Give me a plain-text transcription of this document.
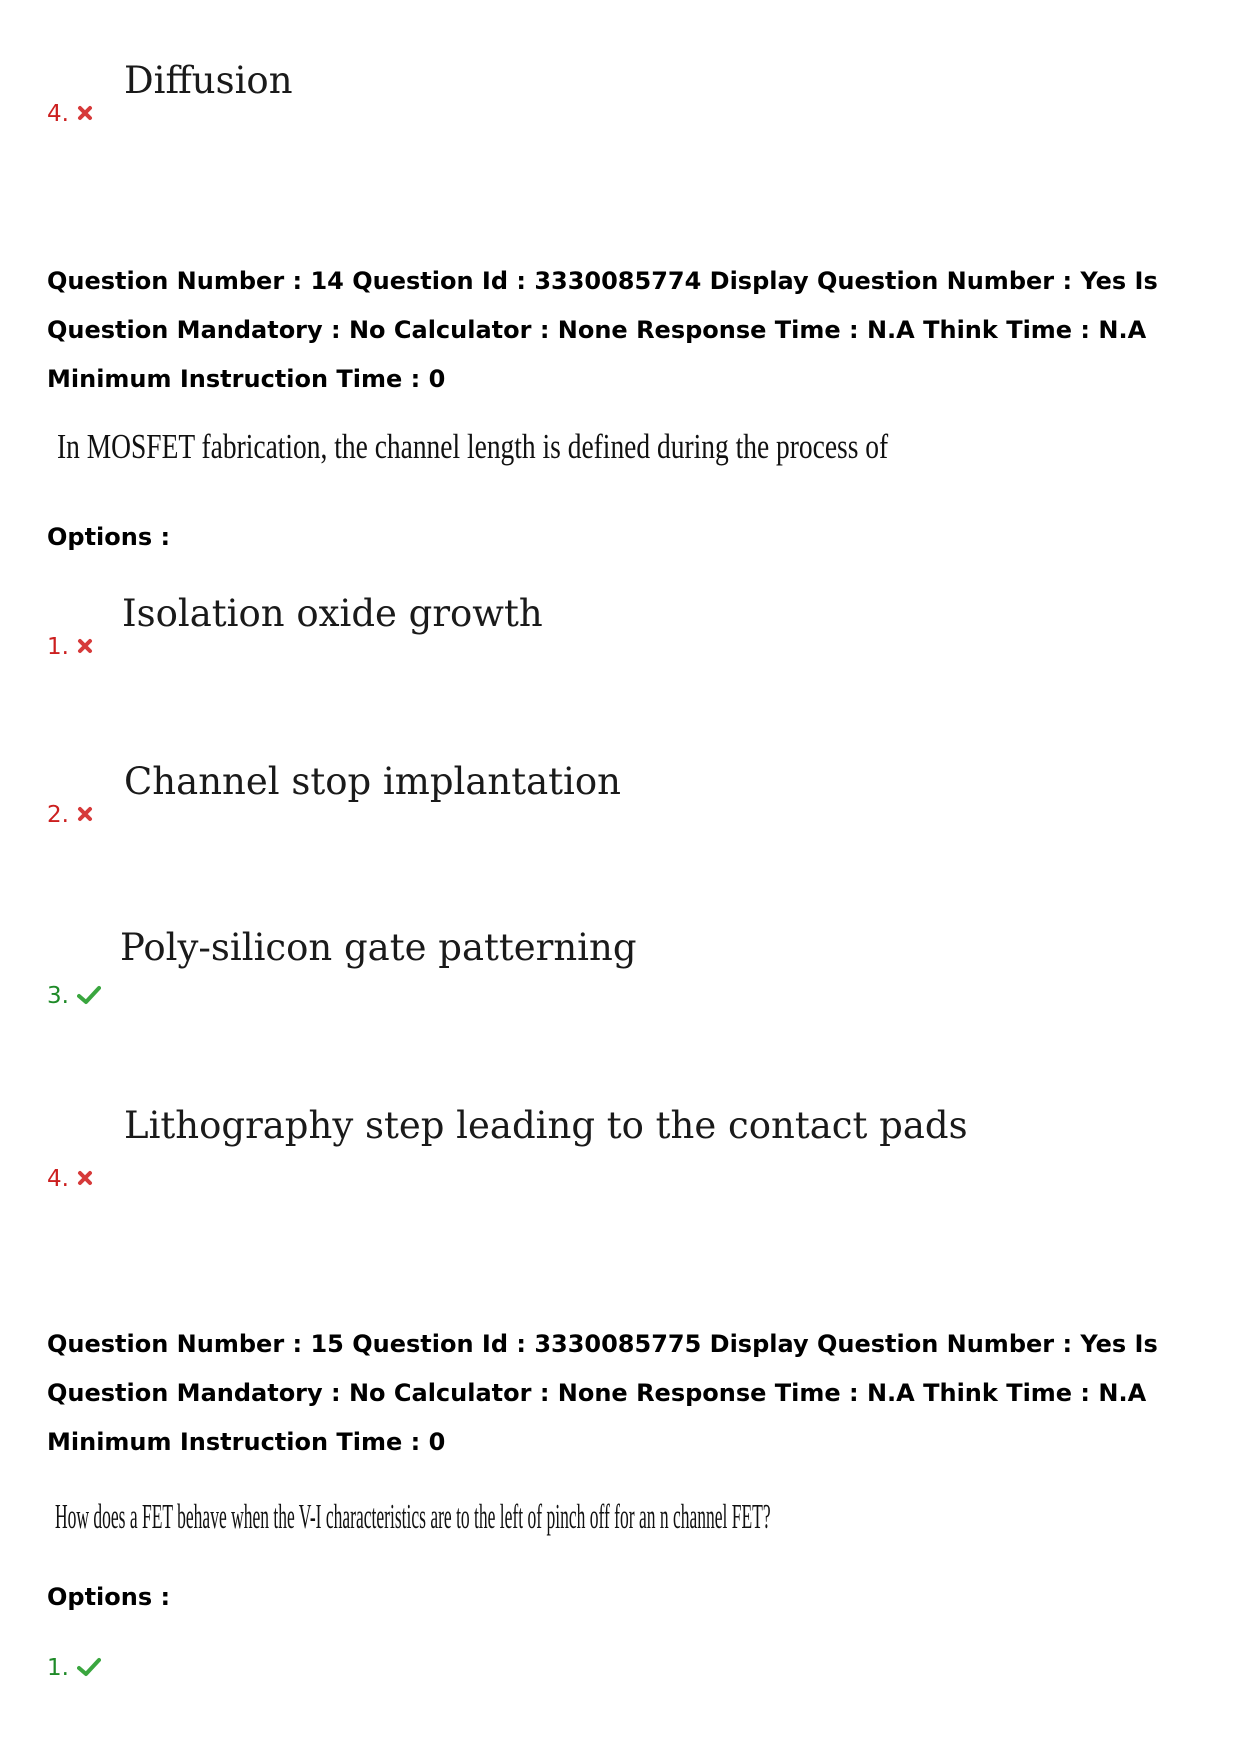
Diffusion
4.
Question Number : 14 Question Id : 3330085774 Display Question Number : Yes Is Question Mandatory : No Calculator : None Response Time : N.A Think Time : N.A Minimum Instruction Time : 0
In MOSFET fabrication, the channel length is defined during the process of
Options :
Isolation oxide growth
1.
Channel stop implantation
2.
Poly-silicon gate patterning
3.
Lithography step leading to the contact pads
4.
Question Number : 15 Question Id : 3330085775 Display Question Number : Yes Is Question Mandatory : No Calculator : None Response Time : N.A Think Time : N.A Minimum Instruction Time : 0
How does a FET behave when the V-I characteristics are to the left of pinch off for an n channel FET?
Options :
1.
